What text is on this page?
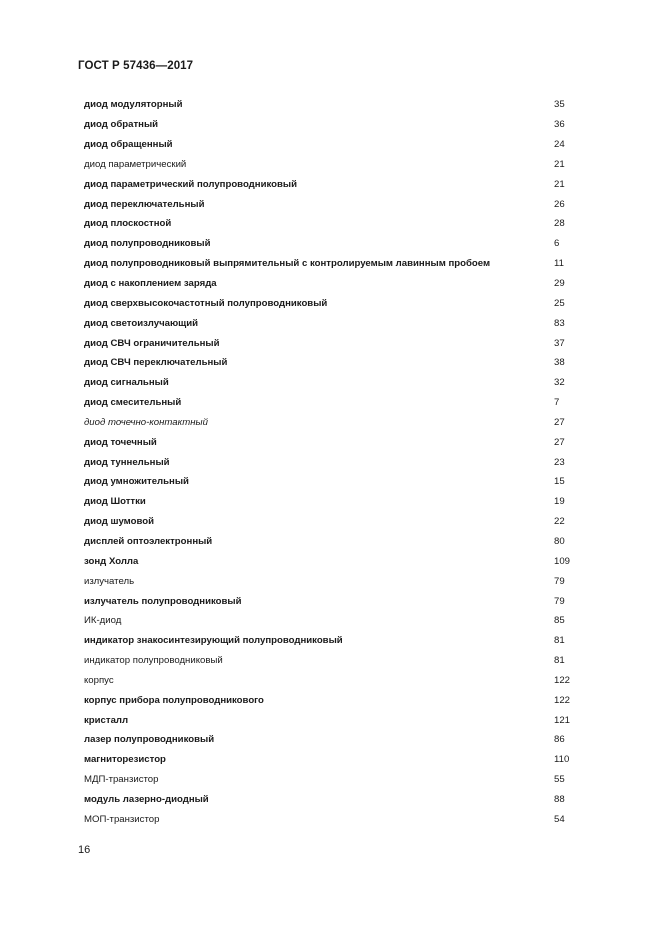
ГОСТ Р 57436—2017
диод модуляторный	35
диод обратный	36
диод обращенный	24
диод параметрический	21
диод параметрический полупроводниковый	21
диод переключательный	26
диод плоскостной	28
диод полупроводниковый	6
диод полупроводниковый выпрямительный с контролируемым лавинным пробоем	11
диод с накоплением заряда	29
диод сверхвысокочастотный полупроводниковый	25
диод светоизлучающий	83
диод СВЧ ограничительный	37
диод СВЧ переключательный	38
диод сигнальный	32
диод смесительный	7
диод точечно-контактный	27
диод точечный	27
диод туннельный	23
диод умножительный	15
диод Шоттки	19
диод шумовой	22
дисплей оптоэлектронный	80
зонд Холла	109
излучатель	79
излучатель полупроводниковый	79
ИК-диод	85
индикатор знакосинтезирующий полупроводниковый	81
индикатор полупроводниковый	81
корпус	122
корпус прибора полупроводникового	122
кристалл	121
лазер полупроводниковый	86
магниторезистор	110
МДП-транзистор	55
модуль лазерно-диодный	88
МОП-транзистор	54
16
